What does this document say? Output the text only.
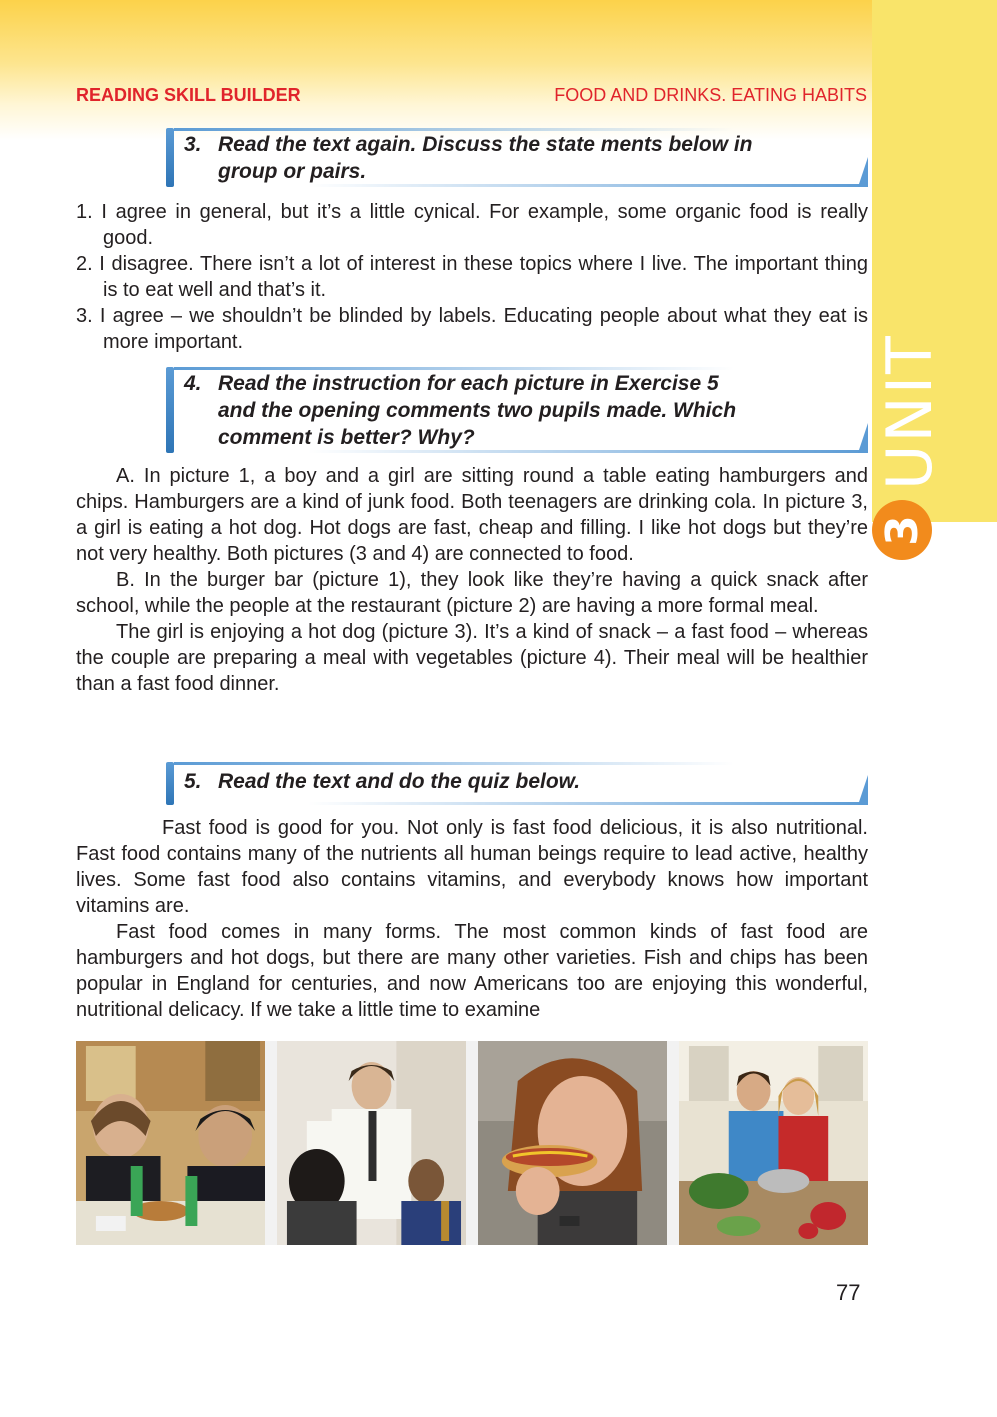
UNIT
3
READING SKILL BUILDER	FOOD AND DRINKS. EATING HABITS
3. Read the text again. Discuss the state ments below in
group or pairs.
1. I agree in general, but it’s a little cynical. For example, some organic food is really good.
2. I disagree. There isn’t a lot of interest in these topics where I live. The important thing is to eat well and that’s it.
3. I agree – we shouldn’t be blinded by labels. Educating people about what they eat is more important.
4. Read the instruction for each picture in Exercise 5
and the opening comments two pupils made. Which
comment is better? Why?

A. In picture 1, a boy and a girl are sitting round a table eating hamburgers and chips. Hamburgers are a kind of junk food. Both teenagers are drinking cola. In picture 3, a girl is eating a hot dog. Hot dogs are fast, cheap and filling. I like hot dogs but they’re not very healthy. Both pictures (3 and 4) are connected to food.

B. In the burger bar (picture 1), they look like they’re having a quick snack after school, while the people at the restaurant (picture 2) are having a more formal meal.

The girl is enjoying a hot dog (picture 3). It’s a kind of snack – a fast food – whereas the couple are preparing a meal with vegetables (picture 4). Their meal will be healthier than a fast food dinner.

5. Read the text and do the quiz below.

Fast food is good for you. Not only is fast food delicious, it is also nutritional. Fast food contains many of the nutrients all human beings require to lead active, healthy lives. Some fast food also contains vitamins, and everybody knows how important vitamins are.

Fast food comes in many forms. The most common kinds of fast food are hamburgers and hot dogs, but there are many other varieties. Fish and chips has been popular in England for centuries, and now Americans too are enjoying this wonderful, nutritional delicacy. If we take a little time to examine

77
